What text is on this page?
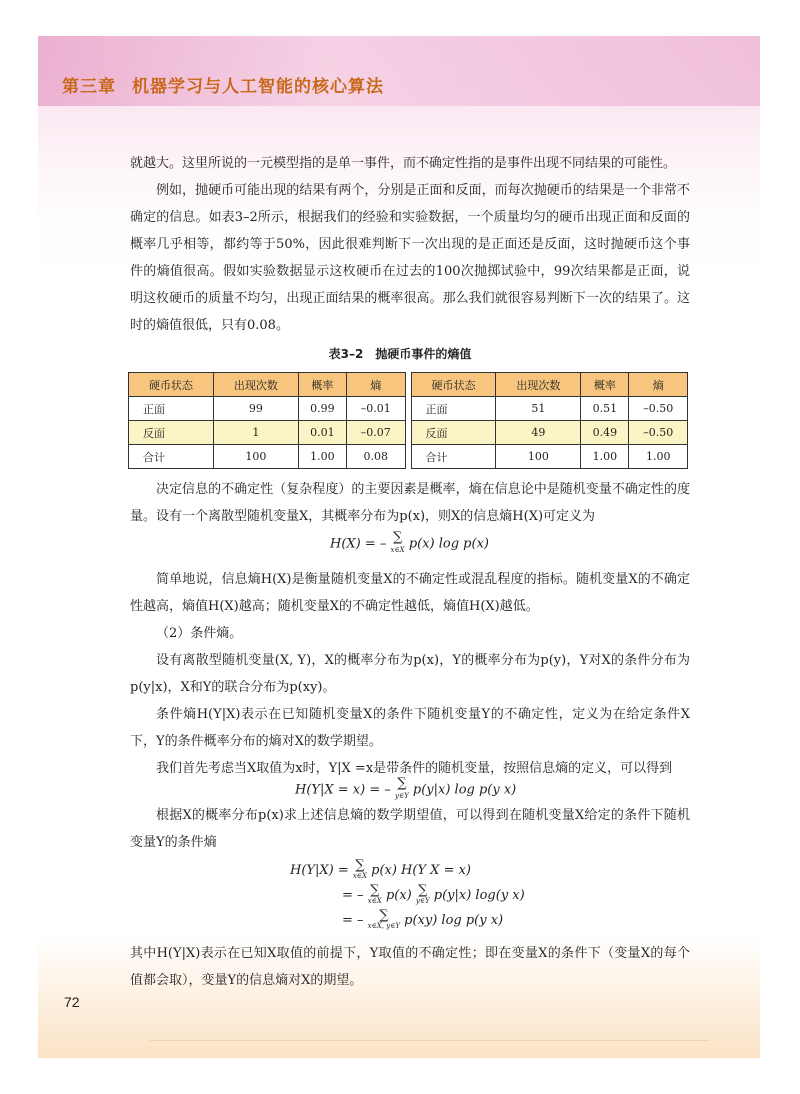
第三章 机器学习与人工智能的核心算法

就越大。这里所说的一元模型指的是单一事件，而不确定性指的是事件出现不同结果的可能性。

例如，抛硬币可能出现的结果有两个，分别是正面和反面，而每次抛硬币的结果是一个非常不确定的信息。如表3–2所示，根据我们的经验和实验数据，一个质量均匀的硬币出现正面和反面的概率几乎相等，都约等于50%，因此很难判断下一次出现的是正面还是反面，这时抛硬币这个事件的熵值很高。假如实验数据显示这枚硬币在过去的100次抛掷试验中，99次结果都是正面，说明这枚硬币的质量不均匀，出现正面结果的概率很高。那么我们就很容易判断下一次的结果了。这时的熵值很低，只有0.08。

表3–2　抛硬币事件的熵值
硬币状态	出现次数	概率	熵
正面	99	0.99	–0.01
反面	1	0.01	–0.07
合计	100	1.00	0.08
硬币状态	出现次数	概率	熵
正面	51	0.51	–0.50
反面	49	0.49	–0.50
合计	100	1.00	1.00

决定信息的不确定性（复杂程度）的主要因素是概率，熵在信息论中是随机变量不确定性的度量。设有一个离散型随机变量X，其概率分布为p(x)，则X的信息熵H(X)可定义为

H(X) = – ∑
x∈X p(x) log p(x)

简单地说，信息熵H(X)是衡量随机变量X的不确定性或混乱程度的指标。随机变量X的不确定性越高，熵值H(X)越高；随机变量X的不确定性越低，熵值H(X)越低。

（2）条件熵。

设有离散型随机变量(X, Y)，X的概率分布为p(x)，Y的概率分布为p(y)，Y对X的条件分布为p(y|x)，X和Y的联合分布为p(xy)。

条件熵H(Y|X)表示在已知随机变量X的条件下随机变量Y的不确定性，定义为在给定条件X下，Y的条件概率分布的熵对X的数学期望。

我们首先考虑当X取值为x时，Y|X =x是带条件的随机变量，按照信息熵的定义，可以得到

H(Y|X = x) = – ∑
y∈Y p(y|x) log p(y x)

根据X的概率分布p(x)求上述信息熵的数学期望值，可以得到在随机变量X给定的条件下随机变量Y的条件熵

H(Y|X) = ∑
x∈X p(x) H(Y X = x)
= – ∑
x∈X p(x) ∑
y∈Y p(y|x) log(y x)
= –	∑
x∈X, y∈Y p(xy) log p(y x)

其中H(Y|X)表示在已知X取值的前提下，Y取值的不确定性；即在变量X的条件下（变量X的每个值都会取），变量Y的信息熵对X的期望。

72
